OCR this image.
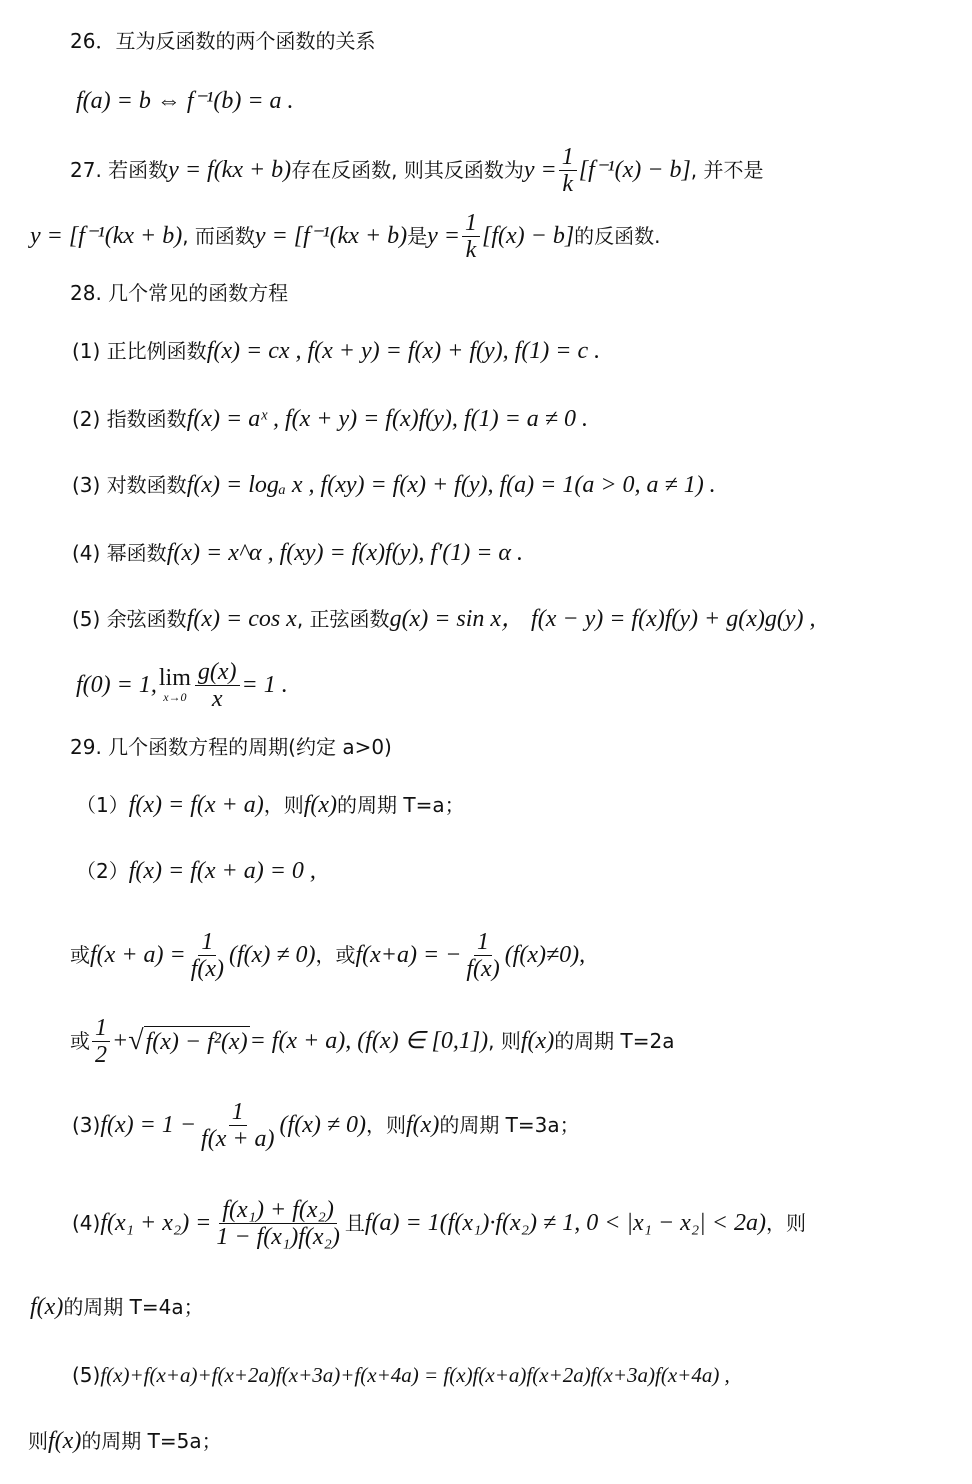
26．互为反函数的两个函数的关系
f(a) = b ⇔ f⁻¹(b) = a .
27. 若函数 y = f(kx + b) 存在反函数, 则其反函数为 $y = \frac{1}{k} [f^{-1}(x) - b]$ , 并不是
y = [f⁻¹(kx + b) , 而函数 y = [f⁻¹(kx + b) 是 $y = \frac{1}{k} [f(x) - b]$ 的反函数.
28. 几个常见的函数方程
(1) 正比例函数 f(x) = cx , f(x + y) = f(x) + f(y), f(1) = c .
(2) 指数函数 f(x) = aˣ , f(x + y) = f(x)f(y), f(1) = a ≠ 0 .
(3) 对数函数 f(x) = logₐ x , f(xy) = f(x) + f(y), f(a) = 1(a > 0, a ≠ 1) .
(4) 幂函数 f(x) = x^α , f(xy) = f(x)f(y), f′(1) = α .
(5) 余弦函数 f(x) = cos x , 正弦函数 g(x) = sin x ， f(x − y) = f(x)f(y) + g(x)g(y) ,
f(0) = 1, lim
$x\to 0 \frac{g(x)}{x} = 1$ .
29. 几个函数方程的周期(约定 a>0)
（1） f(x) = f(x + a) ，则 f(x) 的周期 T=a；
（2） f(x) = f(x + a) = 0 ,
或 $f(x + a) = \frac{1}{f(x)} (f(x) \ne 0)$ ，或 f(x+a) = − $\frac{1}{f(x)} (f(x)\ne 0)$,
或 $\frac{1}{2}$ + √ f(x) − f²(x) = f(x + a), (f(x) ∈ [0,1]) , 则 f(x) 的周期 T=2a
(3) $f(x) = 1 - \frac{1}{f(x + a)} (f(x) \ne 0)$ ，则 f(x) 的周期 T=3a；
(4) $f(x_1 + x_2) = \frac{\text{f(x₁) + f(x₂)}}{\text{1 − f(x₁)f(x₂)}}$ 且 f(a) = 1(f(x₁)·f(x₂) ≠ 1, 0 < |x₁ − x₂| < 2a) ，则
f(x) 的周期 T=4a；
(5) f(x)+f(x+a)+f(x+2a)f(x+3a)+f(x+4a) = f(x)f(x+a)f(x+2a)f(x+3a)f(x+4a) ,
则 f(x) 的周期 T=5a；
